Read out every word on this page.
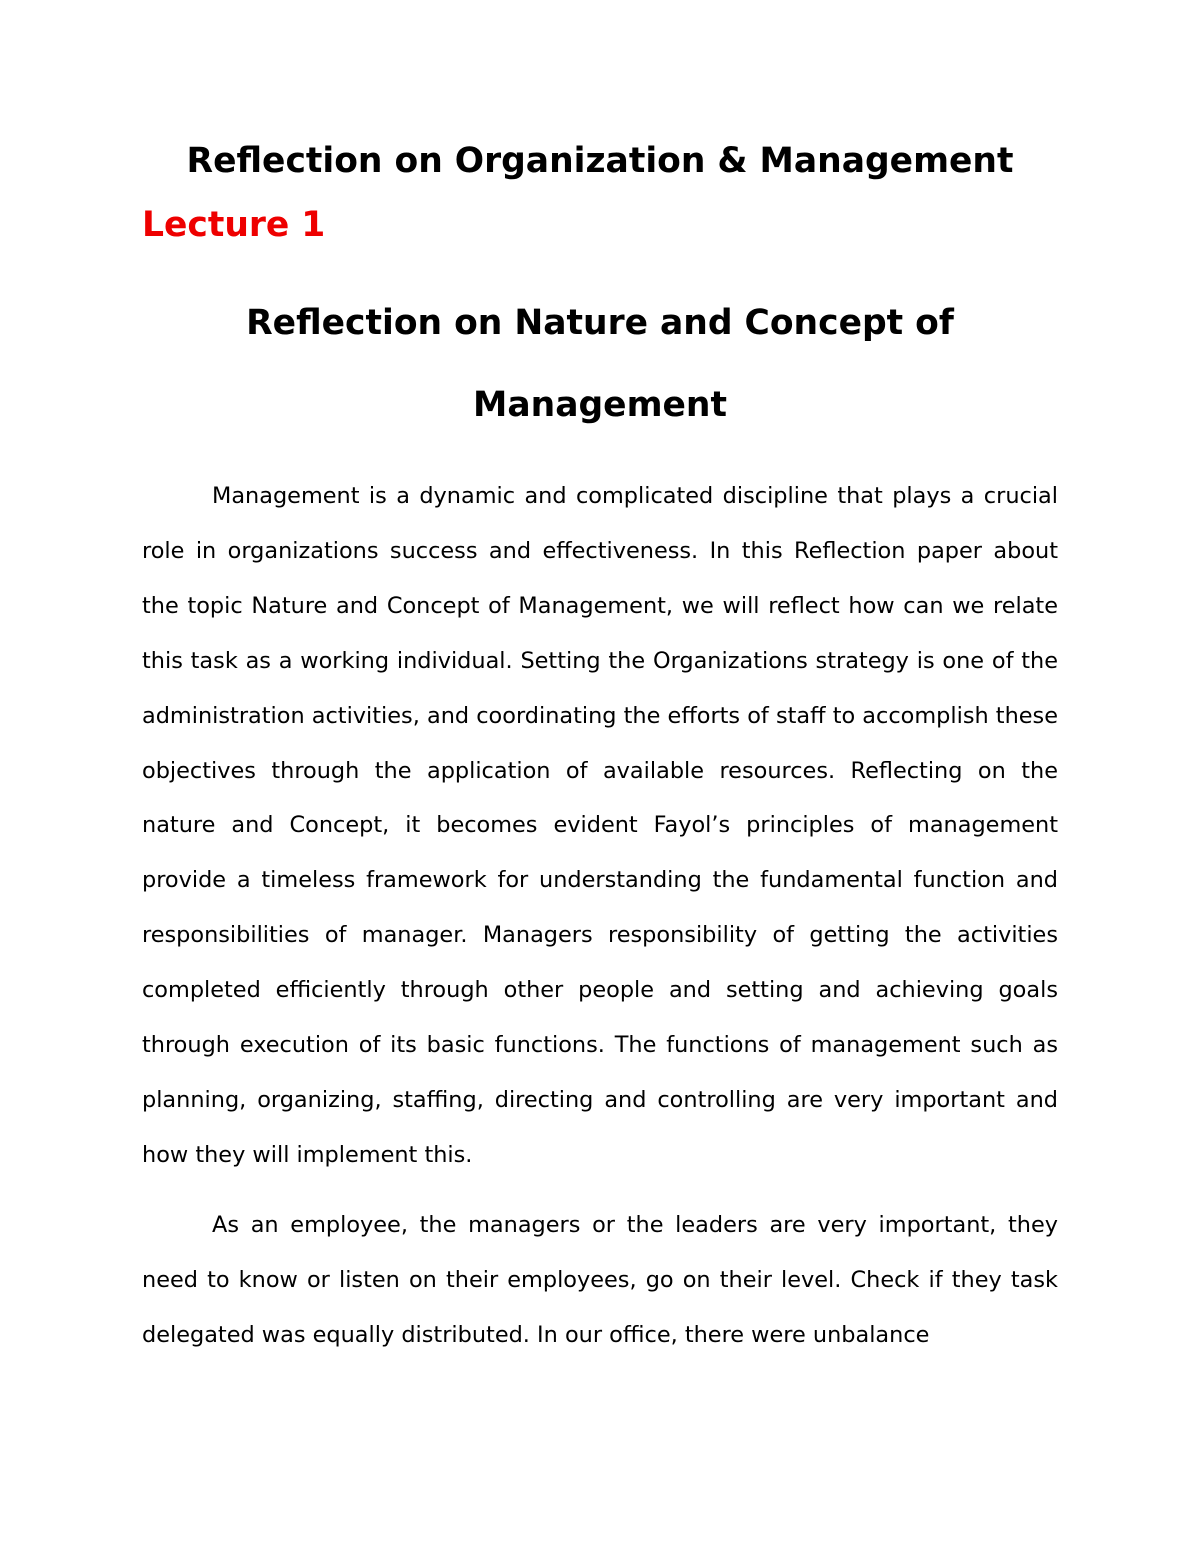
Reflection on Organization & Management
Lecture 1
Reflection on Nature and Concept of Management

Management is a dynamic and complicated discipline that plays a crucial role in organizations success and effectiveness. In this Reflection paper about the topic Nature and Concept of Management, we will reflect how can we relate this task as a working individual. Setting the Organizations strategy is one of the administration activities, and coordinating the efforts of staff to accomplish these objectives through the application of available resources. Reflecting on the nature and Concept, it becomes evident Fayol’s principles of management provide a timeless framework for understanding the fundamental function and responsibilities of manager. Managers responsibility of getting the activities completed efficiently through other people and setting and achieving goals through execution of its basic functions. The functions of management such as planning, organizing, staffing, directing and controlling are very important and how they will implement this.

As an employee, the managers or the leaders are very important, they need to know or listen on their employees, go on their level. Check if they task delegated was equally distributed. In our office, there were unbalance
